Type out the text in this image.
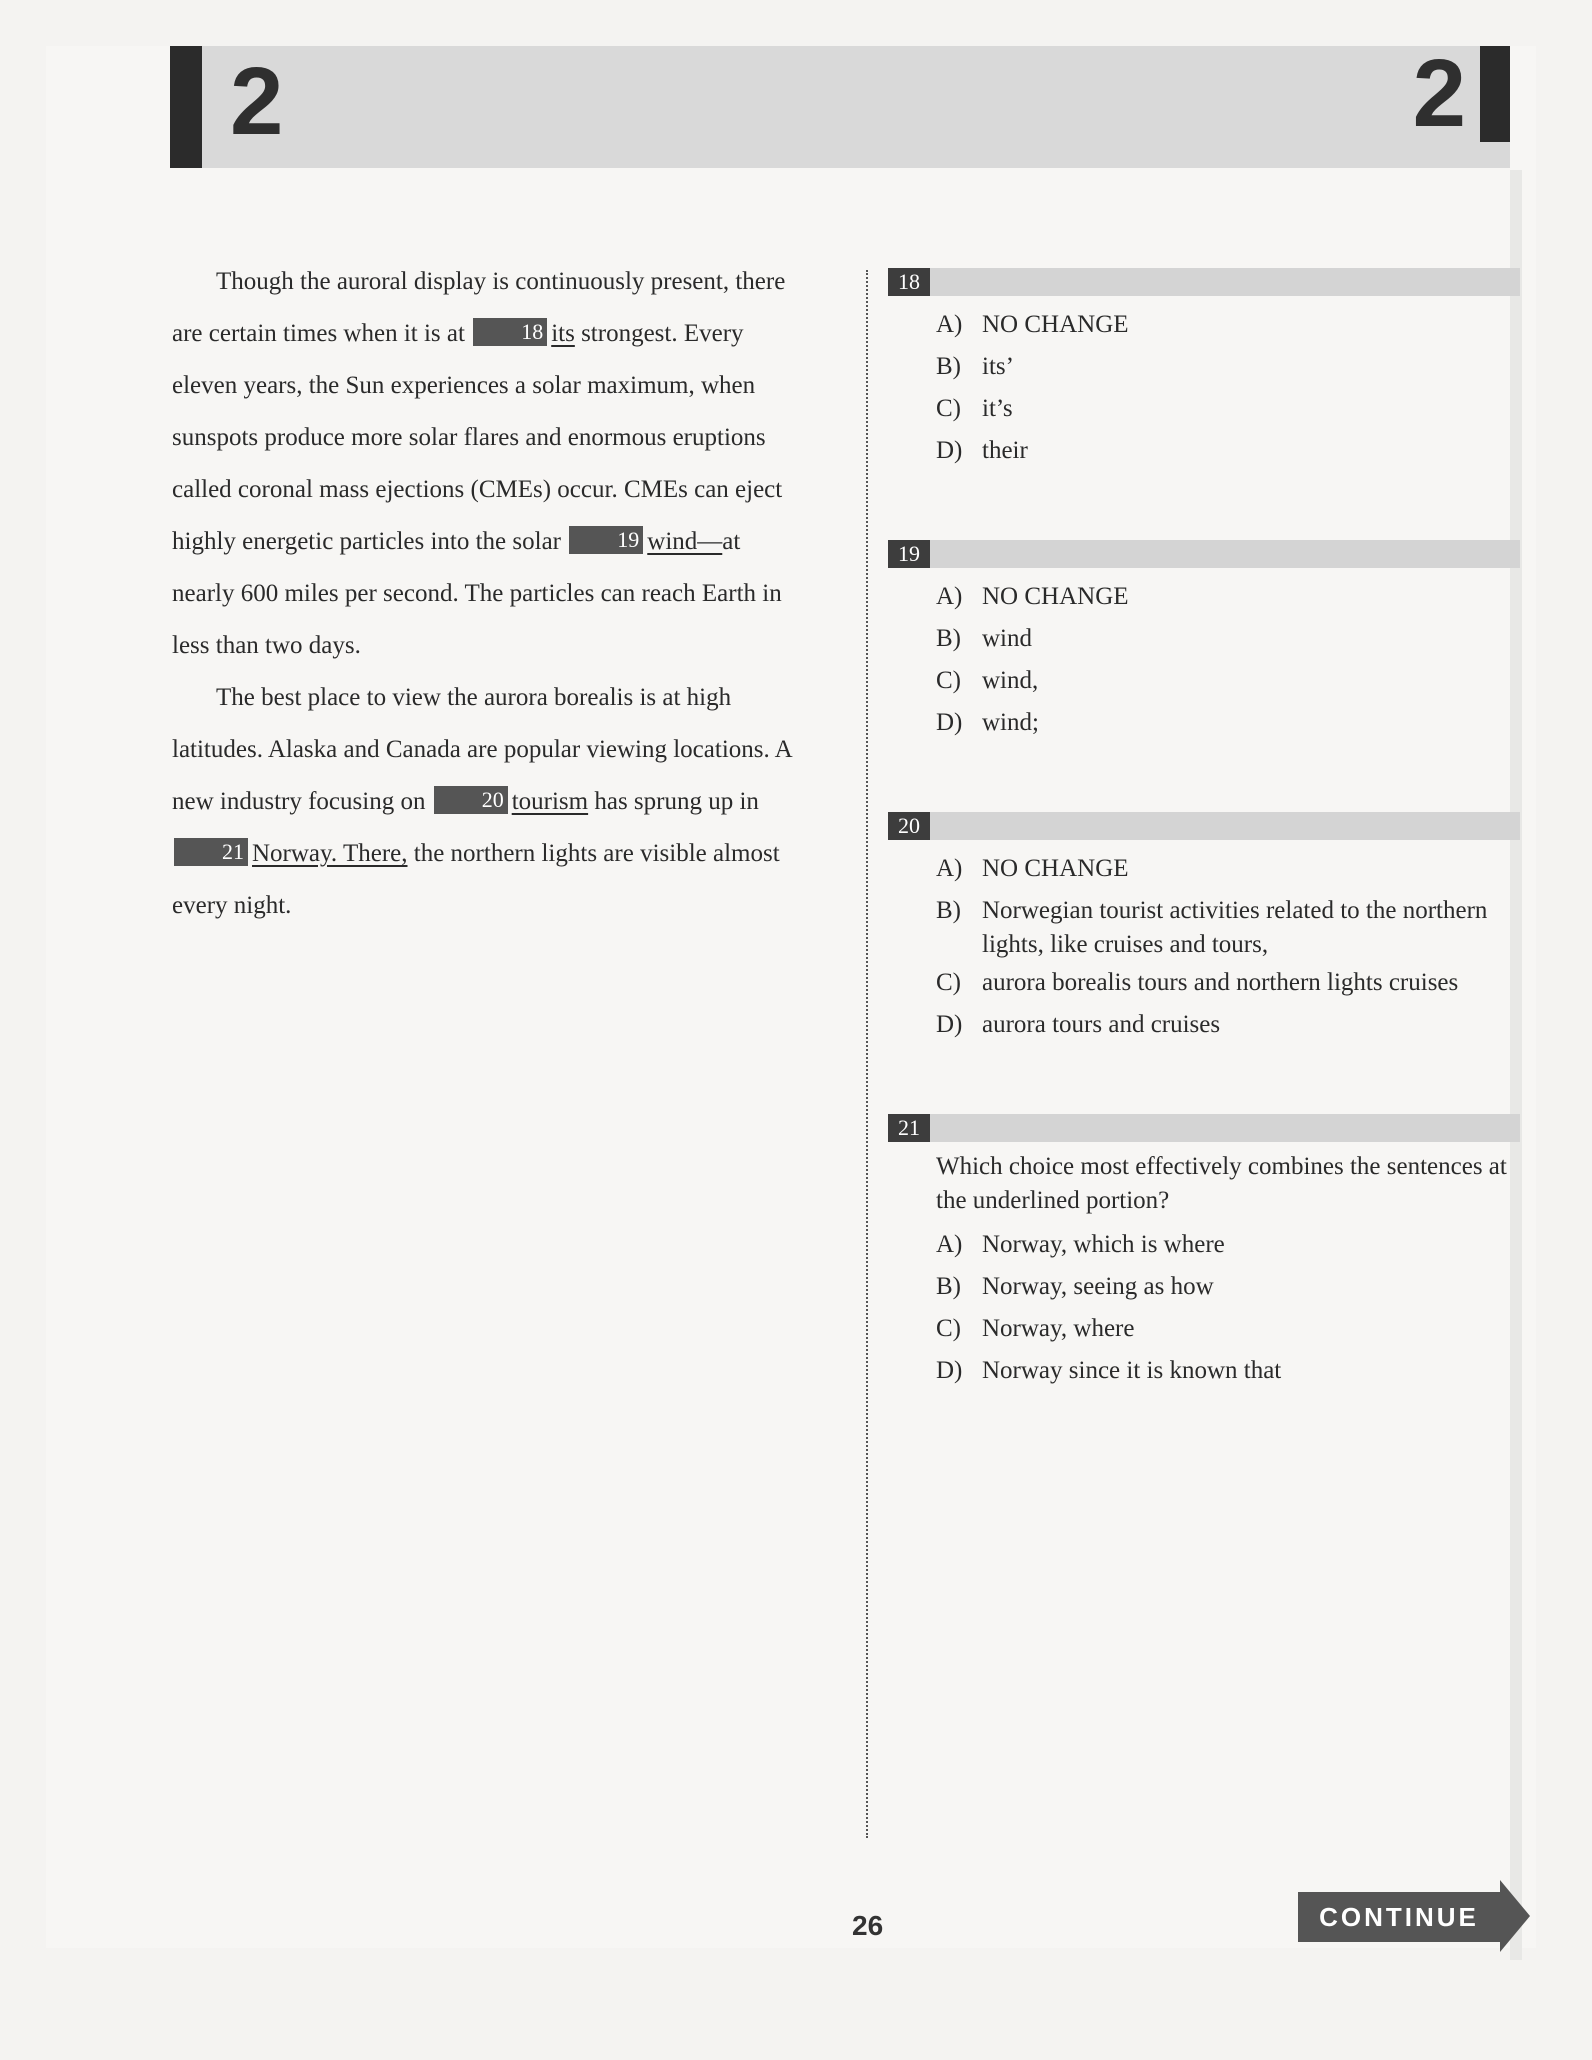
2	2

Though the auroral display is continuously present, there are certain times when it is at	18 its strongest. Every eleven years, the Sun experiences a solar maximum, when sunspots produce more solar flares and enormous eruptions called coronal mass ejections (CMEs) occur. CMEs can eject highly energetic particles into the solar	19 wind—at nearly 600 miles per second. The particles can reach Earth in less than two days.

The best place to view the aurora borealis is at high latitudes. Alaska and Canada are popular viewing locations. A new industry focusing on	20 tourism has sprung up in 21 Norway. There, the northern lights are visible almost every night.

18
A) NO CHANGE
B) its’
C) it’s
D) their
19
A) NO CHANGE
B) wind
C) wind,
D) wind;
20
A) NO CHANGE
B) Norwegian tourist activities related to the northern lights, like cruises and tours,
C) aurora borealis tours and northern lights cruises
D) aurora tours and cruises
21
Which choice most effectively combines the sentences at the underlined portion?
A) Norway, which is where
B) Norway, seeing as how
C) Norway, where
D) Norway since it is known that
26	CONTINUE
